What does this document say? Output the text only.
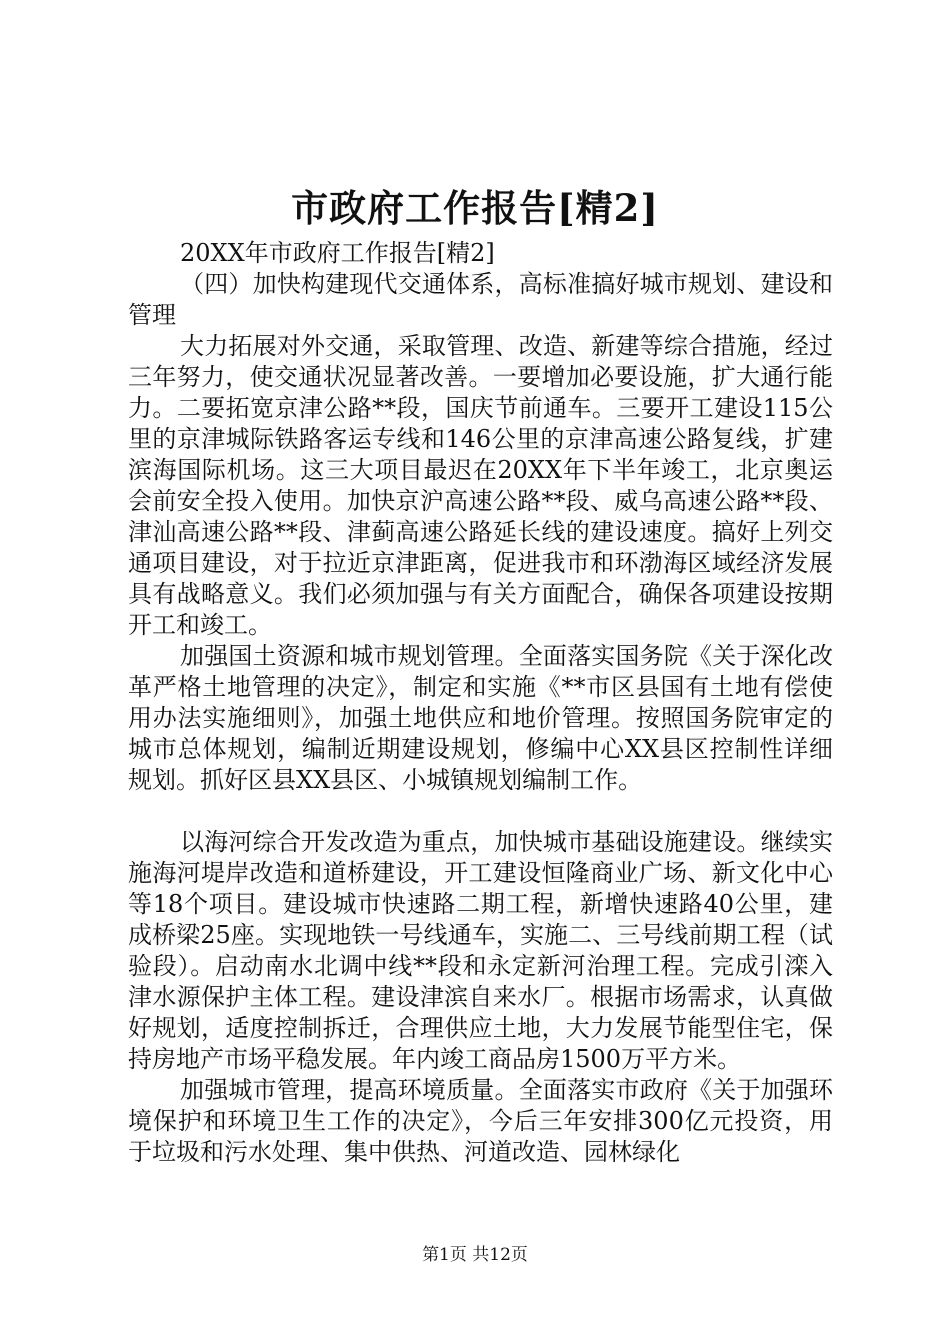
市政府工作报告[精2]

20XX年市政府工作报告[精2]

（四）加快构建现代交通体系，高标准搞好城市规划、建设和管理

大力拓展对外交通，采取管理、改造、新建等综合措施，经过三年努力，使交通状况显著改善。一要增加必要设施，扩大通行能力。二要拓宽京津公路**段，国庆节前通车。三要开工建设115公里的京津城际铁路客运专线和146公里的京津高速公路复线，扩建滨海国际机场。这三大项目最迟在20XX年下半年竣工，北京奥运会前安全投入使用。加快京沪高速公路**段、威乌高速公路**段、津汕高速公路**段、津蓟高速公路延长线的建设速度。搞好上列交通项目建设，对于拉近京津距离，促进我市和环渤海区域经济发展具有战略意义。我们必须加强与有关方面配合，确保各项建设按期开工和竣工。

加强国土资源和城市规划管理。全面落实国务院《关于深化改革严格土地管理的决定》，制定和实施《**市区县国有土地有偿使用办法实施细则》，加强土地供应和地价管理。按照国务院审定的城市总体规划，编制近期建设规划，修编中心XX县区控制性详细规划。抓好区县XX县区、小城镇规划编制工作。

以海河综合开发改造为重点，加快城市基础设施建设。继续实施海河堤岸改造和道桥建设，开工建设恒隆商业广场、新文化中心等18个项目。建设城市快速路二期工程，新增快速路40公里，建成桥梁25座。实现地铁一号线通车，实施二、三号线前期工程（试验段）。启动南水北调中线**段和永定新河治理工程。完成引滦入津水源保护主体工程。建设津滨自来水厂。根据市场需求，认真做好规划，适度控制拆迁，合理供应土地，大力发展节能型住宅，保持房地产市场平稳发展。年内竣工商品房1500万平方米。

加强城市管理，提高环境质量。全面落实市政府《关于加强环境保护和环境卫生工作的决定》，今后三年安排300亿元投资，用于垃圾和污水处理、集中供热、河道改造、园林绿化

第1页 共12页
